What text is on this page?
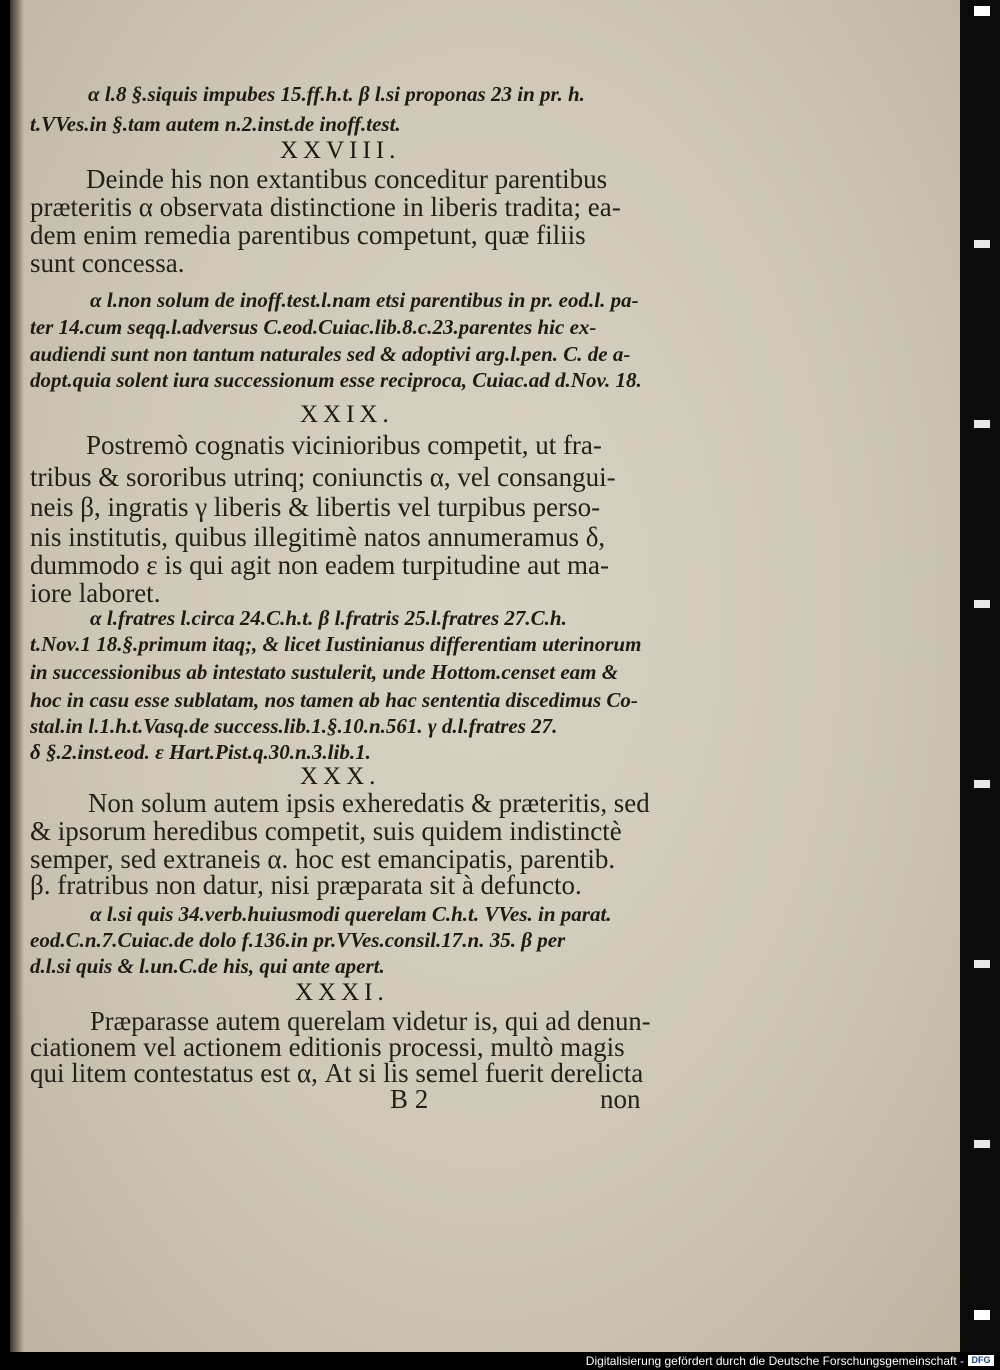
α l.8 §.siquis impubes 15.ff.h.t. β l.si proponas 23 in pr. h.
t.VVes.in §.tam autem n.2.inst.de inoff.test.
XXVIII.
Deinde his non extantibus conceditur parentibus
præteritis α observata distinctione in liberis tradita; ea-
dem enim remedia parentibus competunt, quæ filiis
sunt concessa.
α l.non solum de inoff.test.l.nam etsi parentibus in pr. eod.l. pa-
ter 14.cum seqq.l.adversus C.eod.Cuiac.lib.8.c.23.parentes hic ex-
audiendi sunt non tantum naturales sed & adoptivi arg.l.pen. C. de a-
dopt.quia solent iura successionum esse reciproca, Cuiac.ad d.Nov. 18.
XXIX.
Postremò cognatis vicinioribus competit, ut fra-
tribus & sororibus utrinq; coniunctis α, vel consangui-
neis β, ingratis γ liberis & libertis vel turpibus perso-
nis institutis, quibus illegitimè natos annumeramus δ,
dummodo ε is qui agit non eadem turpitudine aut ma-
iore laboret.
α l.fratres l.circa 24.C.h.t. β l.fratris 25.l.fratres 27.C.h.
t.Nov.1 18.§.primum itaq;, & licet Iustinianus differentiam uterinorum
in successionibus ab intestato sustulerit, unde Hottom.censet eam &
hoc in casu esse sublatam, nos tamen ab hac sententia discedimus Co-
stal.in l.1.h.t.Vasq.de success.lib.1.§.10.n.561. γ d.l.fratres 27.
δ §.2.inst.eod. ε Hart.Pist.q.30.n.3.lib.1.
XXX.
Non solum autem ipsis exheredatis & præteritis, sed
& ipsorum heredibus competit, suis quidem indistinctè
semper, sed extraneis α. hoc est emancipatis, parentib.
β. fratribus non datur, nisi præparata sit à defuncto.
α l.si quis 34.verb.huiusmodi querelam C.h.t. VVes. in parat.
eod.C.n.7.Cuiac.de dolo f.136.in pr.VVes.consil.17.n. 35. β per
d.l.si quis & l.un.C.de his, qui ante apert.
XXXI.
Præparasse autem querelam videtur is, qui ad denun-
ciationem vel actionem editionis processi, multò magis
qui litem contestatus est α, At si lis semel fuerit derelicta
B 2	non
Digitalisierung gefördert durch die Deutsche Forschungsgemeinschaft - DFG
